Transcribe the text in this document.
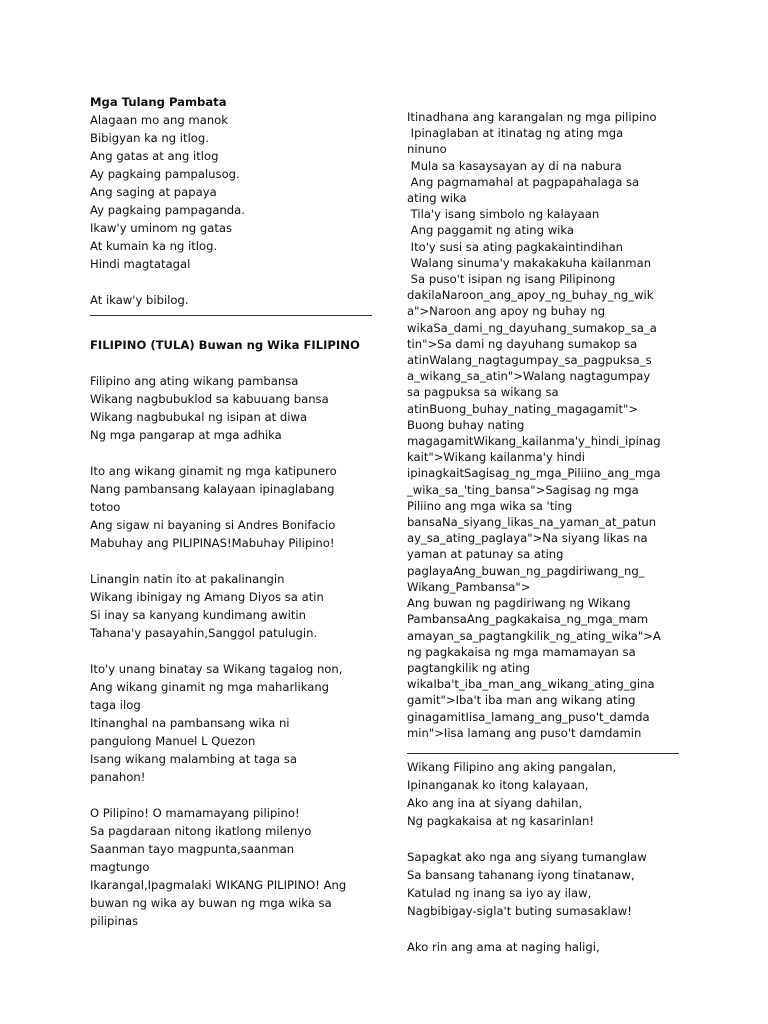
Mga Tulang Pambata
Alagaan mo ang manok
Bibigyan ka ng itlog.
Ang gatas at ang itlog
Ay pagkaing pampalusog.
Ang saging at papaya
Ay pagkaing pampaganda.
Ikaw'y uminom ng gatas
At kumain ka ng itlog.
Hindi magtatagal
At ikaw'y bibilog.
FILIPINO (TULA) Buwan ng Wika FILIPINO
Filipino ang ating wikang pambansa
Wikang nagbubuklod sa kabuuang bansa
Wikang nagbubukal ng isipan at diwa
Ng mga pangarap at mga adhika
Ito ang wikang ginamit ng mga katipunero
Nang pambansang kalayaan ipinaglabang
totoo
Ang sigaw ni bayaning si Andres Bonifacio
Mabuhay ang PILIPINAS!Mabuhay Pilipino!
Linangin natin ito at pakalinangin
Wikang ibinigay ng Amang Diyos sa atin
Si inay sa kanyang kundimang awitin
Tahana'y pasayahin,Sanggol patulugin.
Ito'y unang binatay sa Wikang tagalog non,
Ang wikang ginamit ng mga maharlikang
taga ilog
Itinanghal na pambansang wika ni
pangulong Manuel L Quezon
Isang wikang malambing at taga sa
panahon!
O Pilipino! O mamamayang pilipino!
Sa pagdaraan nitong ikatlong milenyo
Saanman tayo magpunta,saanman
magtungo
Ikarangal,Ipagmalaki WIKANG PILIPINO! Ang
buwan ng wika ay buwan ng mga wika sa
pilipinas
Itinadhana ang karangalan ng mga pilipino
Ipinaglaban at itinatag ng ating mga
ninuno
Mula sa kasaysayan ay di na nabura
Ang pagmamahal at pagpapahalaga sa
ating wika
Tila'y isang simbolo ng kalayaan
Ang paggamit ng ating wika
Ito'y susi sa ating pagkakaintindihan
Walang sinuma'y makakakuha kailanman
Sa puso't isipan ng isang Pilipinong
dakilaNaroon_ang_apoy_ng_buhay_ng_wik
a">Naroon ang apoy ng buhay ng
wikaSa_dami_ng_dayuhang_sumakop_sa_a
tin">Sa dami ng dayuhang sumakop sa
atinWalang_nagtagumpay_sa_pagpuksa_s
a_wikang_sa_atin">Walang nagtagumpay
sa pagpuksa sa wikang sa
atinBuong_buhay_nating_magagamit">
Buong buhay nating
magagamitWikang_kailanma'y_hindi_ipinag
kait">Wikang kailanma'y hindi
ipinagkaitSagisag_ng_mga_Piliino_ang_mga
_wika_sa_'ting_bansa">Sagisag ng mga
Piliino ang mga wika sa 'ting
bansaNa_siyang_likas_na_yaman_at_patun
ay_sa_ating_paglaya">Na siyang likas na
yaman at patunay sa ating
paglayaAng_buwan_ng_pagdiriwang_ng_
Wikang_Pambansa">
Ang buwan ng pagdiriwang ng Wikang
PambansaAng_pagkakaisa_ng_mga_mam
amayan_sa_pagtangkilik_ng_ating_wika">A
ng pagkakaisa ng mga mamamayan sa
pagtangkilik ng ating
wikaIba't_iba_man_ang_wikang_ating_gina
gamit">Iba't iba man ang wikang ating
ginagamitIisa_lamang_ang_puso't_damda
min">Iisa lamang ang puso't damdamin
Wikang Filipino ang aking pangalan,
Ipinanganak ko itong kalayaan,
Ako ang ina at siyang dahilan,
Ng pagkakaisa at ng kasarinlan!
Sapagkat ako nga ang siyang tumanglaw
Sa bansang tahanang iyong tinatanaw,
Katulad ng inang sa iyo ay ilaw,
Nagbibigay-sigla't buting sumasaklaw!
Ako rin ang ama at naging haligi,
